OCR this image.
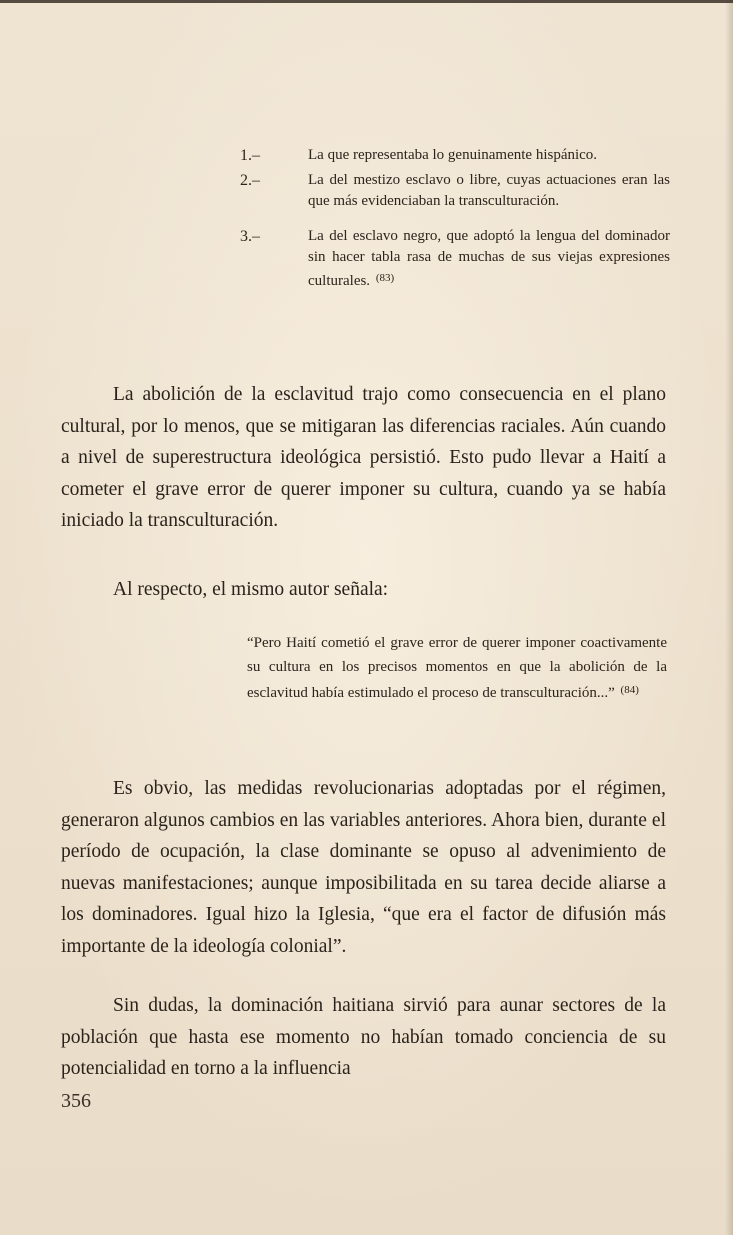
1.–	La que representaba lo genuinamente hispánico.
2.–	La del mestizo esclavo o libre, cuyas actuaciones eran las que más evidenciaban la transculturación.
3.–	La del esclavo negro, que adoptó la lengua del dominador sin hacer tabla rasa de muchas de sus viejas expresiones culturales. $^{(83)}$

La abolición de la esclavitud trajo como consecuencia en el plano cultural, por lo menos, que se mitigaran las diferencias raciales. Aún cuando a nivel de superestructura ideológica persistió. Esto pudo llevar a Haití a cometer el grave error de querer imponer su cultura, cuando ya se había iniciado la transculturación.

Al respecto, el mismo autor señala:

“Pero Haití cometió el grave error de querer imponer coactivamente su cultura en los precisos momentos en que la abolición de la esclavitud había estimulado el proceso de transculturación...” $^{(84)}$

Es obvio, las medidas revolucionarias adoptadas por el régimen, generaron algunos cambios en las variables anteriores. Ahora bien, durante el período de ocupación, la clase dominante se opuso al advenimiento de nuevas manifestaciones; aunque imposibilitada en su tarea decide aliarse a los dominadores. Igual hizo la Iglesia, “que era el factor de difusión más importante de la ideología colonial”.

Sin dudas, la dominación haitiana sirvió para aunar sectores de la población que hasta ese momento no habían tomado conciencia de su potencialidad en torno a la influencia

356
